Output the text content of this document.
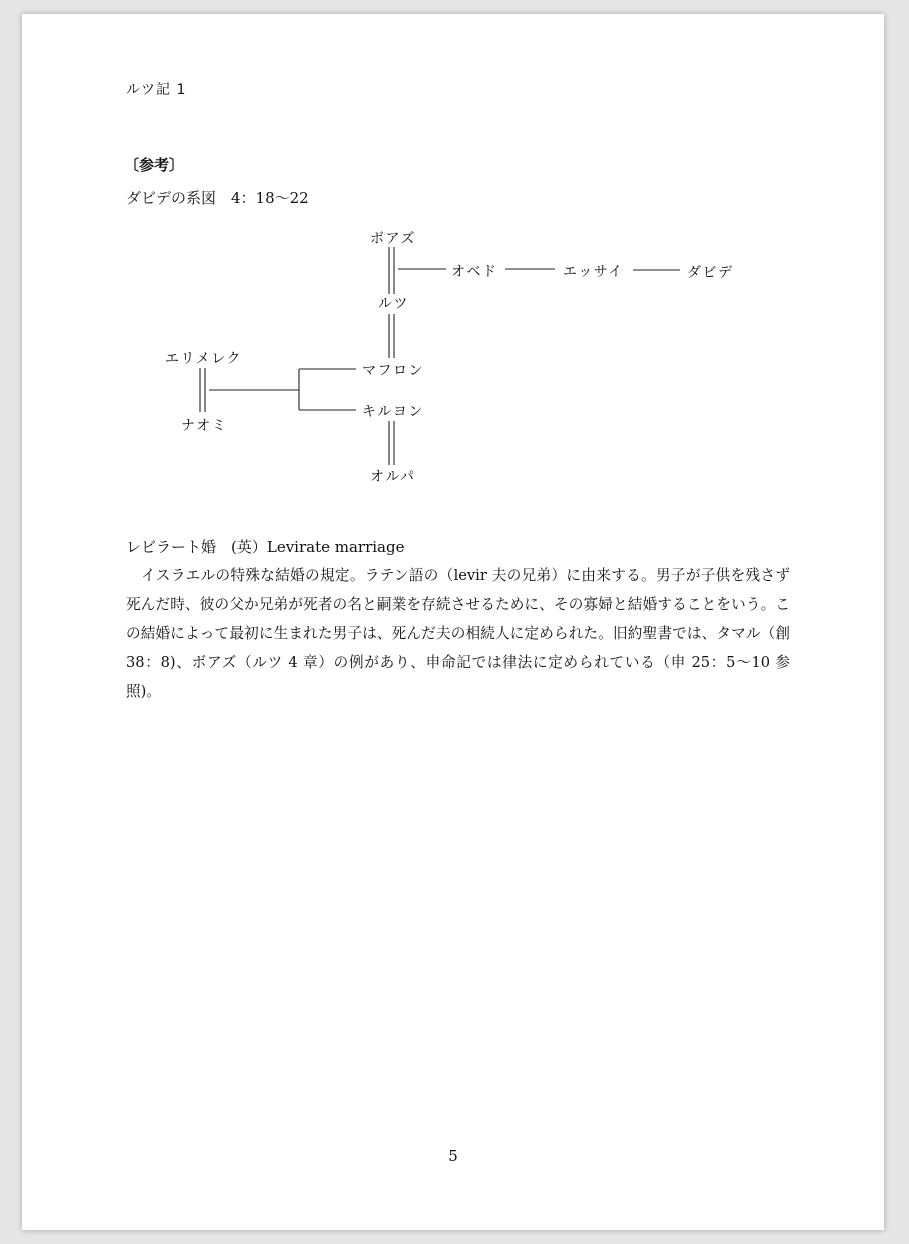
ルツ記 1
〔参考〕
ダビデの系図　4：18〜22
ボアズ
オベド	エッサイ	ダビデ
ルツ
エリメレク
ナオミ
マフロン
キルヨン
オルパ
レビラート婚　(英）Levirate marriage

イスラエルの特殊な結婚の規定。ラテン語の（levir 夫の兄弟）に由来する。男子が子供を残さず死んだ時、彼の父か兄弟が死者の名と嗣業を存続させるために、その寡婦と結婚することをいう。この結婚によって最初に生まれた男子は、死んだ夫の相続人に定められた。旧約聖書では、タマル（創 38：8)、ボアズ（ルツ 4 章）の例があり、申命記では律法に定められている（申 25：5〜10 参照)。

5
